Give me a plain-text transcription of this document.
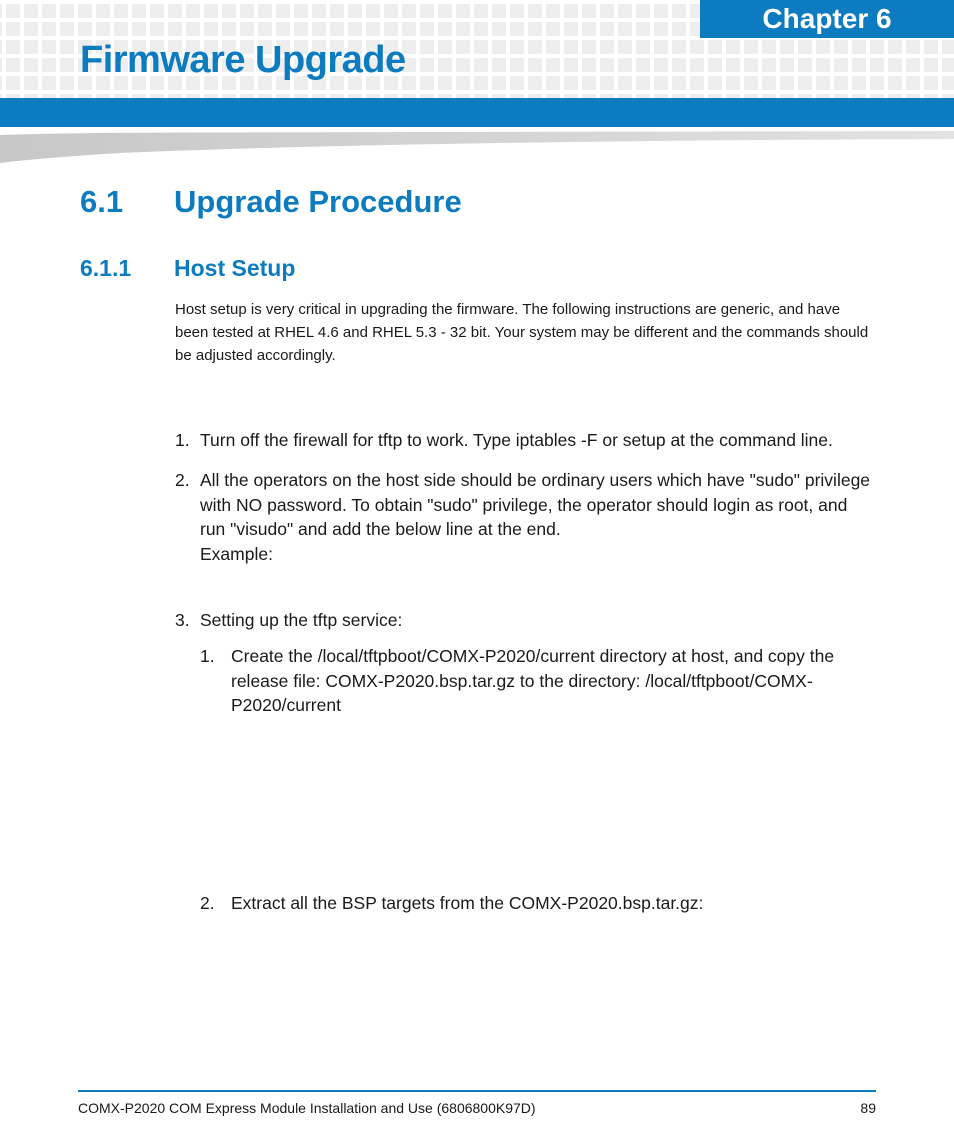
Chapter 6
Firmware Upgrade
6.1 Upgrade Procedure
6.1.1 Host Setup

Host setup is very critical in upgrading the firmware. The following instructions are generic, and have been tested at RHEL 4.6 and RHEL 5.3 - 32 bit. Your system may be different and the commands should be adjusted accordingly.

1. Turn off the firewall for tftp to work. Type iptables -F or setup at the command line.
2. All the operators on the host side should be ordinary users which have "sudo" privilege with NO password. To obtain "sudo" privilege, the operator should login as root, and run "visudo" and add the below line at the end.
Example:
3. Setting up the tftp service:
1. Create the /local/tftpboot/COMX-P2020/current directory at host, and copy the release file: COMX-P2020.bsp.tar.gz to the directory: /local/tftpboot/COMX-P2020/current
2. Extract all the BSP targets from the COMX-P2020.bsp.tar.gz:
COMX-P2020 COM Express Module Installation and Use (6806800K97D)	89
